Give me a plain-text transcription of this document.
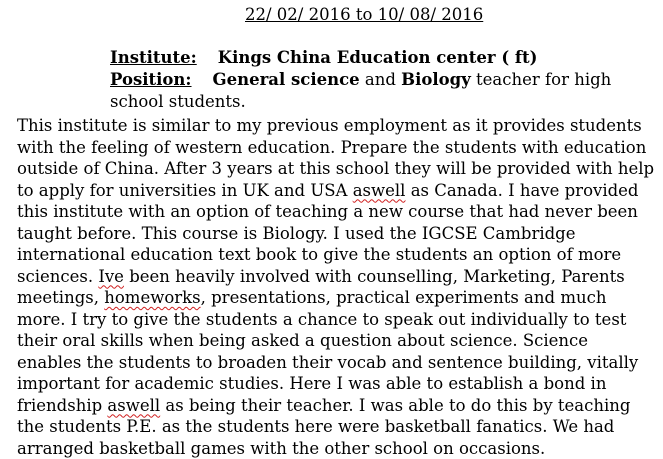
22/ 02/ 2016 to 10/ 08/ 2016
Institute: Kings China Education center ( ft)
Position: General science and Biology teacher for high school students.
This institute is similar to my previous employment as it provides students with the feeling of western education. Prepare the students with education outside of China. After 3 years at this school they will be provided with help to apply for universities in UK and USA aswell as Canada. I have provided this institute with an option of teaching a new course that had never been taught before. This course is Biology. I used the IGCSE Cambridge international education text book to give the students an option of more sciences. Ive been heavily involved with counselling, Marketing, Parents meetings, homeworks, presentations, practical experiments and much more. I try to give the students a chance to speak out individually to test their oral skills when being asked a question about science. Science enables the students to broaden their vocab and sentence building, vitally important for academic studies. Here I was able to establish a bond in friendship aswell as being their teacher. I was able to do this by teaching the students P.E. as the students here were basketball fanatics. We had arranged basketball games with the other school on occasions.
